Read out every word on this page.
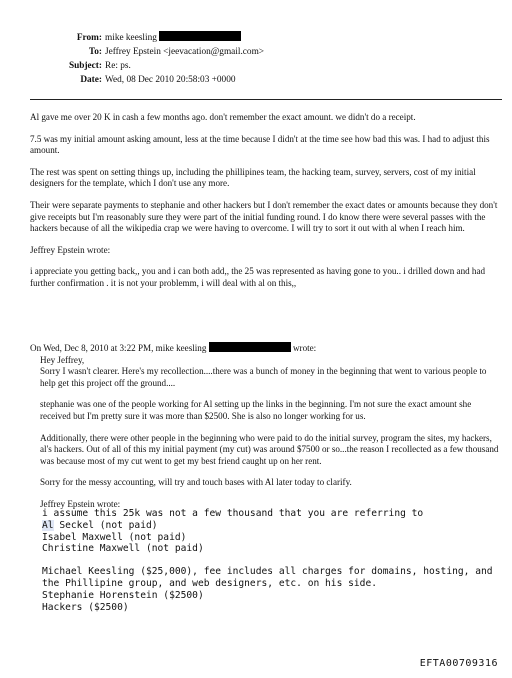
From: mike keesling
To: Jeffrey Epstein <jeevacation@gmail.com>
Subject: Re: ps.
Date: Wed, 08 Dec 2010 20:58:03 +0000

Al gave me over 20 K in cash a few months ago. don't remember the exact amount. we didn't do a receipt.

7.5 was my initial amount asking amount, less at the time because I didn't at the time see how bad this was. I had to adjust this amount.

The rest was spent on setting things up, including the phillipines team, the hacking team, survey, servers, cost of my initial designers for the template, which I don't use any more.

Their were separate payments to stephanie and other hackers but I don't remember the exact dates or amounts because they don't give receipts but I'm reasonably sure they were part of the initial funding round. I do know there were several passes with the hackers because of all the wikipedia crap we were having to overcome. I will try to sort it out with al when I reach him.

Jeffrey Epstein wrote:

i appreciate you getting back,, you and i can both add,, the 25 was represented as having gone to you.. i drilled down and had further confirmation . it is not your problemm, i will deal with al on this,,

On Wed, Dec 8, 2010 at 3:22 PM, mike keesling	wrote:
Hey Jeffrey,

Sorry I wasn't clearer. Here's my recollection....there was a bunch of money in the beginning that went to various people to help get this project off the ground....

stephanie was one of the people working for Al setting up the links in the beginning. I'm not sure the exact amount she received but I'm pretty sure it was more than $2500. She is also no longer working for us.

Additionally, there were other people in the beginning who were paid to do the initial survey, program the sites, my hackers, al's hackers. Out of all of this my initial payment (my cut) was around $7500 or so...the reason I recollected as a few thousand was because most of my cut went to get my best friend caught up on her rent.

Sorry for the messy accounting, will try and touch bases with Al later today to clarify.

Jeffrey Epstein wrote:

i assume this 25k was not a few thousand that you are referring to
Al Seckel (not paid)
Isabel Maxwell (not paid)

Christine Maxwell (not paid)

Michael Keesling ($25,000), fee includes all charges for domains, hosting, and the Phillipine group, and web designers, etc. on his side.
Stephanie Horenstein ($2500)
Hackers ($2500)
EFTA00709316
